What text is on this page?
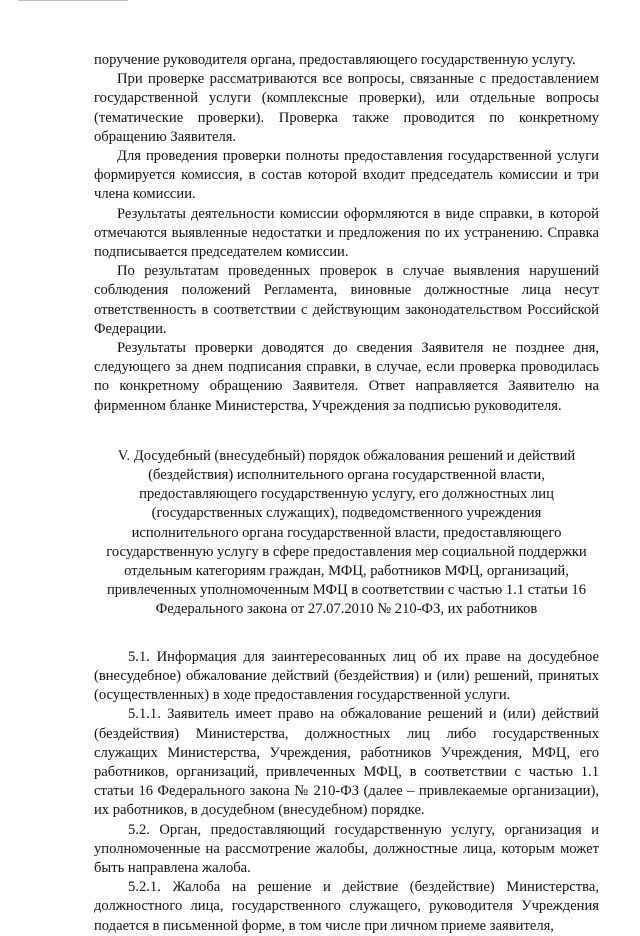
поручение руководителя органа, предоставляющего государственную услугу.

При проверке рассматриваются все вопросы, связанные с предоставлением государственной услуги (комплексные проверки), или отдельные вопросы (тематические проверки). Проверка также проводится по конкретному обращению Заявителя.

Для проведения проверки полноты предоставления государственной услуги формируется комиссия, в состав которой входит председатель комиссии и три члена комиссии.

Результаты деятельности комиссии оформляются в виде справки, в которой отмечаются выявленные недостатки и предложения по их устранению. Справка подписывается председателем комиссии.

По результатам проведенных проверок в случае выявления нарушений соблюдения положений Регламента, виновные должностные лица несут ответственность в соответствии с действующим законодательством Российской Федерации.

Результаты проверки доводятся до сведения Заявителя не позднее дня, следующего за днем подписания справки, в случае, если проверка проводилась по конкретному обращению Заявителя. Ответ направляется Заявителю на фирменном бланке Министерства, Учреждения за подписью руководителя.

V. Досудебный (внесудебный) порядок обжалования решений и действий (бездействия) исполнительного органа государственной власти, предоставляющего государственную услугу, его должностных лиц (государственных служащих), подведомственного учреждения исполнительного органа государственной власти, предоставляющего государственную услугу в сфере предоставления мер социальной поддержки отдельным категориям граждан, МФЦ, работников МФЦ, организаций, привлеченных уполномоченным МФЦ в соответствии с частью 1.1 статьи 16 Федерального закона от 27.07.2010 № 210-ФЗ, их работников

5.1. Информация для заинтересованных лиц об их праве на досудебное (внесудебное) обжалование действий (бездействия) и (или) решений, принятых (осуществленных) в ходе предоставления государственной услуги.

5.1.1. Заявитель имеет право на обжалование решений и (или) действий (бездействия) Министерства, должностных лиц либо государственных служащих Министерства, Учреждения, работников Учреждения, МФЦ, его работников, организаций, привлеченных МФЦ, в соответствии с частью 1.1 статьи 16 Федерального закона № 210-ФЗ (далее – привлекаемые организации), их работников, в досудебном (внесудебном) порядке.

5.2. Орган, предоставляющий государственную услугу, организация и уполномоченные на рассмотрение жалобы, должностные лица, которым может быть направлена жалоба.

5.2.1. Жалоба на решение и действие (бездействие) Министерства, должностного лица, государственного служащего, руководителя Учреждения подается в письменной форме, в том числе при личном приеме заявителя,
